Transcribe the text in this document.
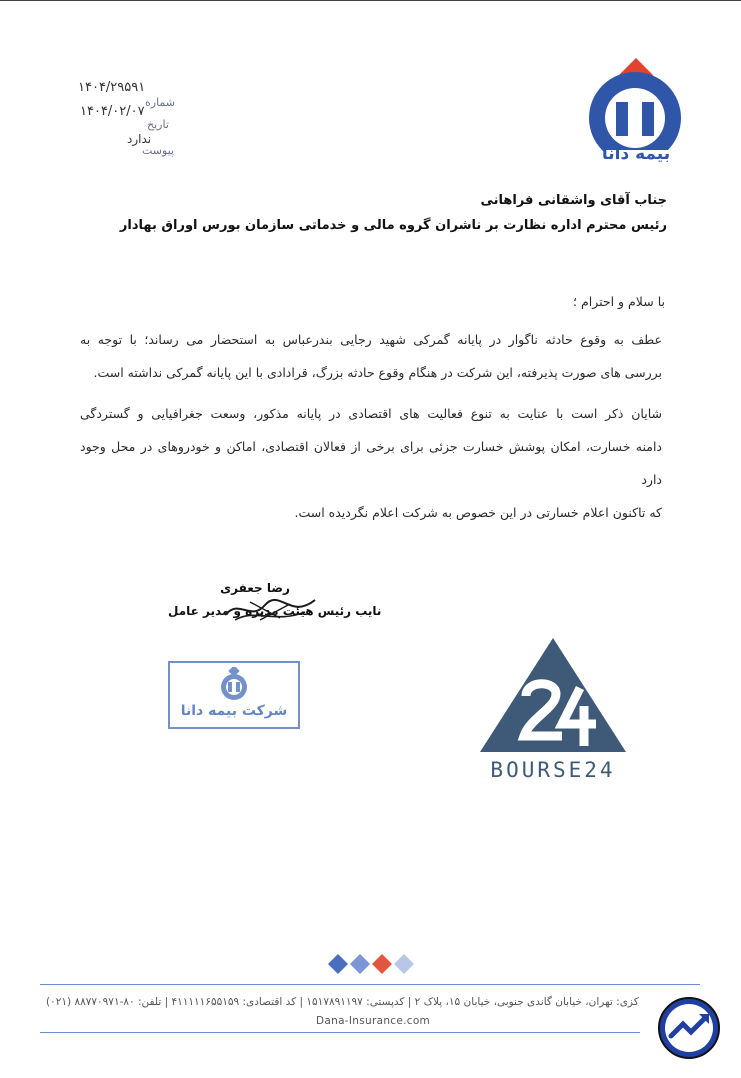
۱۴۰۴/۲۹۵۹۱
شماره
۱۴۰۴/۰۲/۰۷
تاریخ
ندارد
پیوست	بیمه دانا
جناب آقای واشقانی فراهانی
رئیس محترم اداره نظارت بر ناشران گروه مالی و خدماتی سازمان بورس اوراق بهادار
با سلام و احترام ؛
عطف به وقوع حادثه ناگوار در پایانه گمرکی شهید رجایی بندرعباس به استحضار می رساند؛ با توجه به
بررسی های صورت پذیرفته، این شرکت در هنگام وقوع حادثه بزرگ، قرادادی با این پایانه گمرکی نداشته است.
شایان ذکر است با عنایت به تنوع فعالیت های اقتصادی در پایانه مذکور، وسعت جغرافیایی و گستردگی
دامنه خسارت، امکان پوشش خسارت جزئی برای برخی از فعالان اقتصادی، اماکن و خودروهای در محل وجود دارد
که تاکنون اعلام خسارتی در این خصوص به شرکت اعلام نگردیده است.
رضا جعفری
نایب رئیس هیئت مدیره و مدیر عامل
شرکت بیمه دانا
BOURSE24
کزی: تهران، خیابان گاندی جنوبی، خیابان ۱۵، پلاک ۲ | کدپستی: ۱۵۱۷۸۹۱۱۹۷ | کد اقتصادی: ۴۱۱۱۱۱۶۵۵۱۵۹ | تلفن: ۸۰-۸۸۷۷۰۹۷۱ (۰۲۱)
Dana-Insurance.com
